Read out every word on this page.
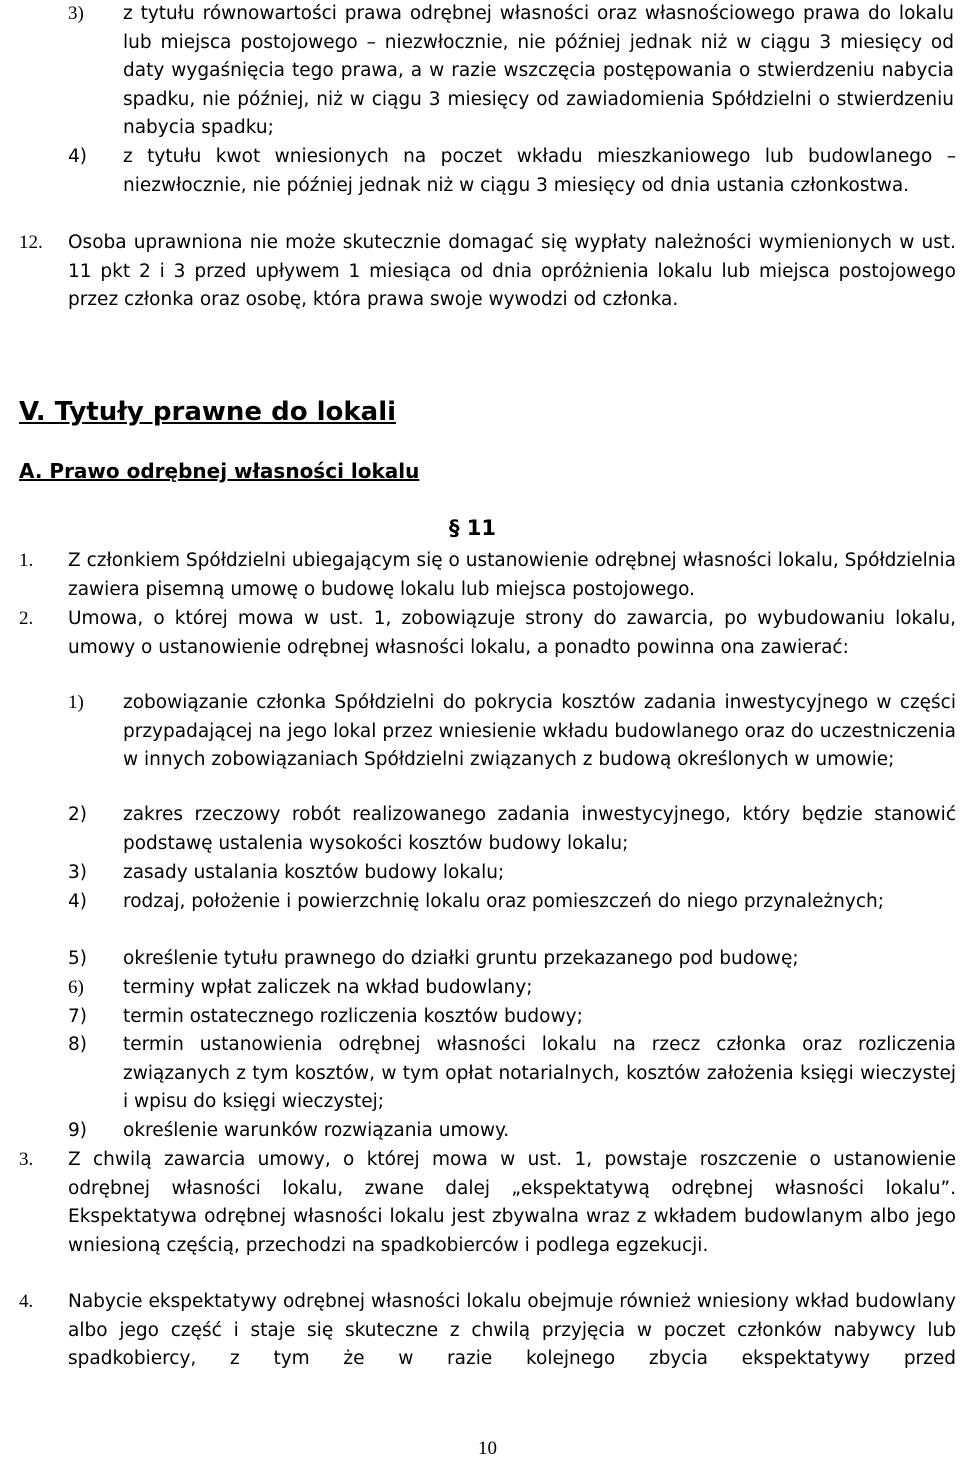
3) z tytułu równowartości prawa odrębnej własności oraz własnościowego prawa do lokalu lub miejsca postojowego – niezwłocznie, nie później jednak niż w ciągu 3 miesięcy od daty wygaśnięcia tego prawa, a w razie wszczęcia postępowania o stwierdzeniu nabycia spadku, nie później, niż w ciągu 3 miesięcy od zawiadomienia Spółdzielni o stwierdzeniu nabycia spadku;
4) z tytułu kwot wniesionych na poczet wkładu mieszkaniowego lub budowlanego – niezwłocznie, nie później jednak niż w ciągu 3 miesięcy od dnia ustania członkostwa.
12. Osoba uprawniona nie może skutecznie domagać się wypłaty należności wymienionych w ust. 11 pkt 2 i 3 przed upływem 1 miesiąca od dnia opróżnienia lokalu lub miejsca postojowego przez członka oraz osobę, która prawa swoje wywodzi od członka.
V. Tytuły prawne do lokali
A. Prawo odrębnej własności lokalu
§ 11
1. Z członkiem Spółdzielni ubiegającym się o ustanowienie odrębnej własności lokalu, Spółdzielnia zawiera pisemną umowę o budowę lokalu lub miejsca postojowego.
2. Umowa, o której mowa w ust. 1, zobowiązuje strony do zawarcia, po wybudowaniu lokalu, umowy o ustanowienie odrębnej własności lokalu, a ponadto powinna ona zawierać:
1) zobowiązanie członka Spółdzielni do pokrycia kosztów zadania inwestycyjnego w części przypadającej na jego lokal przez wniesienie wkładu budowlanego oraz do uczestniczenia w innych zobowiązaniach Spółdzielni związanych z budową określonych w umowie;
2) zakres rzeczowy robót realizowanego zadania inwestycyjnego, który będzie stanowić podstawę ustalenia wysokości kosztów budowy lokalu;
3) zasady ustalania kosztów budowy lokalu;
4) rodzaj, położenie i powierzchnię lokalu oraz pomieszczeń do niego przynależnych;
5) określenie tytułu prawnego do działki gruntu przekazanego pod budowę;
6) terminy wpłat zaliczek na wkład budowlany;
7) termin ostatecznego rozliczenia kosztów budowy;
8) termin ustanowienia odrębnej własności lokalu na rzecz członka oraz rozliczenia związanych z tym kosztów, w tym opłat notarialnych, kosztów założenia księgi wieczystej i wpisu do księgi wieczystej;
9) określenie warunków rozwiązania umowy.
3. Z chwilą zawarcia umowy, o której mowa w ust. 1, powstaje roszczenie o ustanowienie odrębnej własności lokalu, zwane dalej „ekspektatywą odrębnej własności lokalu”. Ekspektatywa odrębnej własności lokalu jest zbywalna wraz z wkładem budowlanym albo jego wniesioną częścią, przechodzi na spadkobierców i podlega egzekucji.
4. Nabycie ekspektatywy odrębnej własności lokalu obejmuje również wniesiony wkład budowlany albo jego część i staje się skuteczne z chwilą przyjęcia w poczet członków nabywcy lub spadkobiercy, z tym że w razie kolejnego zbycia ekspektatywy przed
10
